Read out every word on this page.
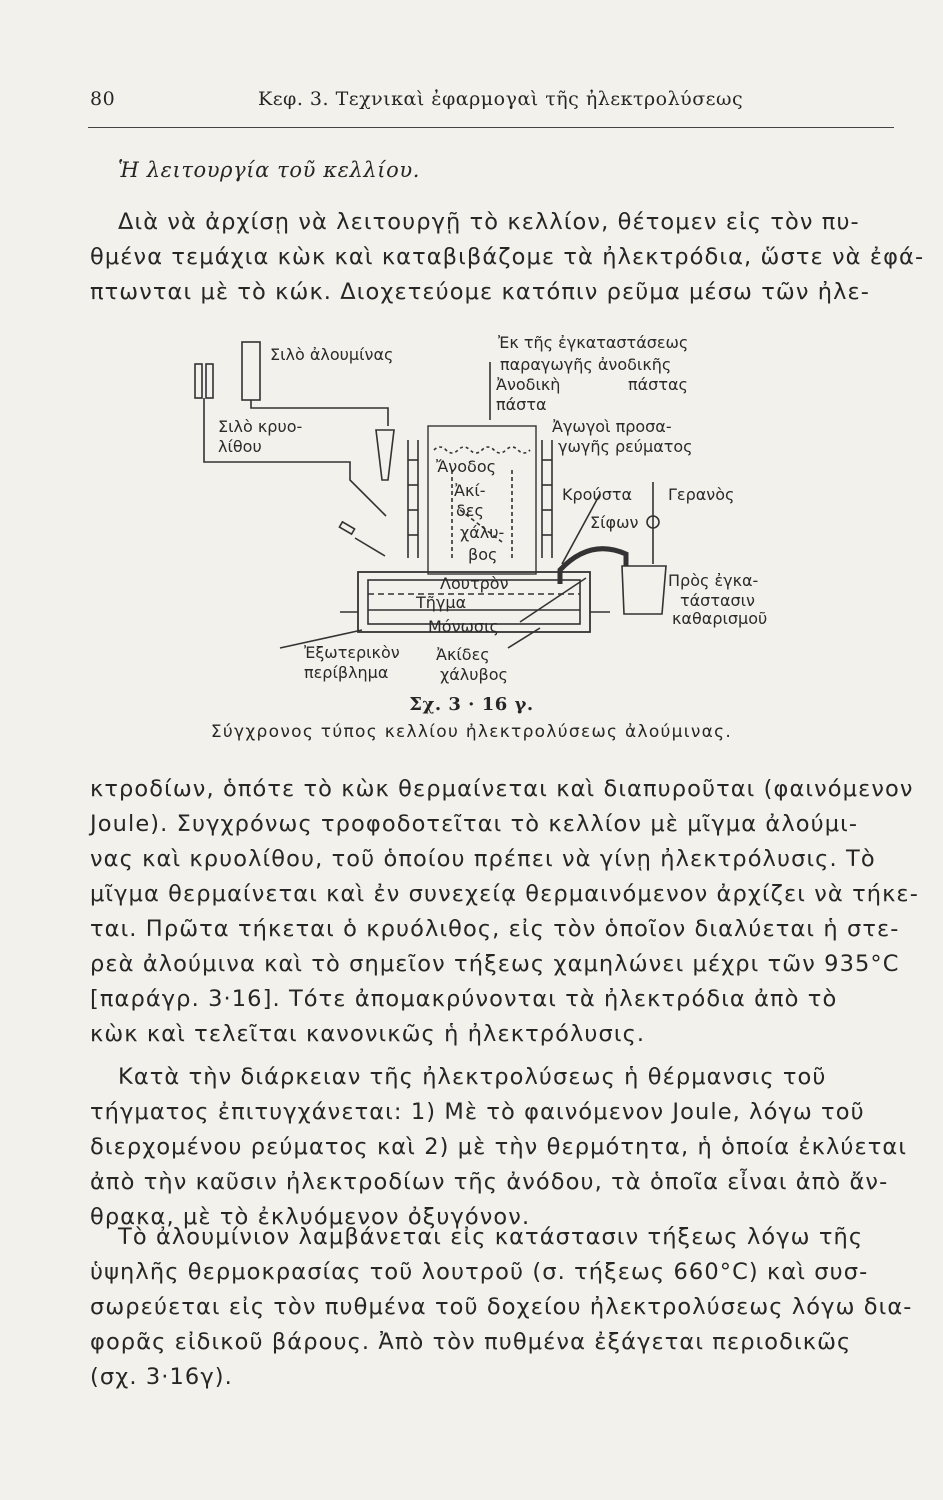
80	Κεφ. 3. Τεχνικαὶ ἐφαρμογαὶ τῆς ἠλεκτρολύσεως
Ἡ λειτουργία τοῦ κελλίου.
Διὰ νὰ ἀρχίσῃ νὰ λειτουργῇ τὸ κελλίον, θέτομεν εἰς τὸν πυ-
θμένα τεμάχια κὼκ καὶ καταβιβάζομε τὰ ἠλεκτρόδια, ὥστε νὰ ἐφά-
πτωνται μὲ τὸ κώκ. Διοχετεύομε κατόπιν ρεῦμα μέσω τῶν ἠλε-
Σιλὸ ἀλουμίνας
Σιλὸ κρυο-
λίθου
Ἐκ τῆς ἐγκαταστάσεως
παραγωγῆς ἀνοδικῆς
Ἀνοδικὴ	πάστας
πάστα
Ἀγωγοὶ προσα-
γωγῆς ρεύματος
Ἄνοδος
Ἀκί-
δες
χάλυ-
βος
Κρούστα Γερανὸς
Σίφων
Λουτρὸν
Τῆγμα
Μόνωσις
Πρὸς ἐγκα-
τάστασιν
καθαρισμοῦ
Ἐξωτερικὸν
περίβλημα
Ἀκίδες
χάλυβος
Σχ. 3 · 16 γ.
Σύγχρονος τύπος κελλίου ἠλεκτρολύσεως ἀλούμινας.
κτροδίων, ὁπότε τὸ κὼκ θερμαίνεται καὶ διαπυροῦται (φαινόμενον
Joule). Συγχρόνως τροφοδοτεῖται τὸ κελλίον μὲ μῖγμα ἀλούμι-
νας καὶ κρυολίθου, τοῦ ὁποίου πρέπει νὰ γίνῃ ἠλεκτρόλυσις. Τὸ
μῖγμα θερμαίνεται καὶ ἐν συνεχείᾳ θερμαινόμενον ἀρχίζει νὰ τήκε-
ται. Πρῶτα τήκεται ὁ κρυόλιθος, εἰς τὸν ὁποῖον διαλύεται ἡ στε-
ρεὰ ἀλούμινα καὶ τὸ σημεῖον τήξεως χαμηλώνει μέχρι τῶν 935°C
[παράγρ. 3·16]. Τότε ἀπομακρύνονται τὰ ἠλεκτρόδια ἀπὸ τὸ
κὼκ καὶ τελεῖται κανονικῶς ἡ ἠλεκτρόλυσις.
Κατὰ τὴν διάρκειαν τῆς ἠλεκτρολύσεως ἡ θέρμανσις τοῦ
τήγματος ἐπιτυγχάνεται: 1) Μὲ τὸ φαινόμενον Joule, λόγω τοῦ
διερχομένου ρεύματος καὶ 2) μὲ τὴν θερμότητα, ἡ ὁποία ἐκλύεται
ἀπὸ τὴν καῦσιν ἠλεκτροδίων τῆς ἀνόδου, τὰ ὁποῖα εἶναι ἀπὸ ἄν-
θρακα, μὲ τὸ ἐκλυόμενον ὀξυγόνον.
Τὸ ἀλουμίνιον λαμβάνεται εἰς κατάστασιν τήξεως λόγω τῆς
ὑψηλῆς θερμοκρασίας τοῦ λουτροῦ (σ. τήξεως 660°C) καὶ συσ-
σωρεύεται εἰς τὸν πυθμένα τοῦ δοχείου ἠλεκτρολύσεως λόγω δια-
φορᾶς εἰδικοῦ βάρους. Ἀπὸ τὸν πυθμένα ἐξάγεται περιοδικῶς
(σχ. 3·16γ).
